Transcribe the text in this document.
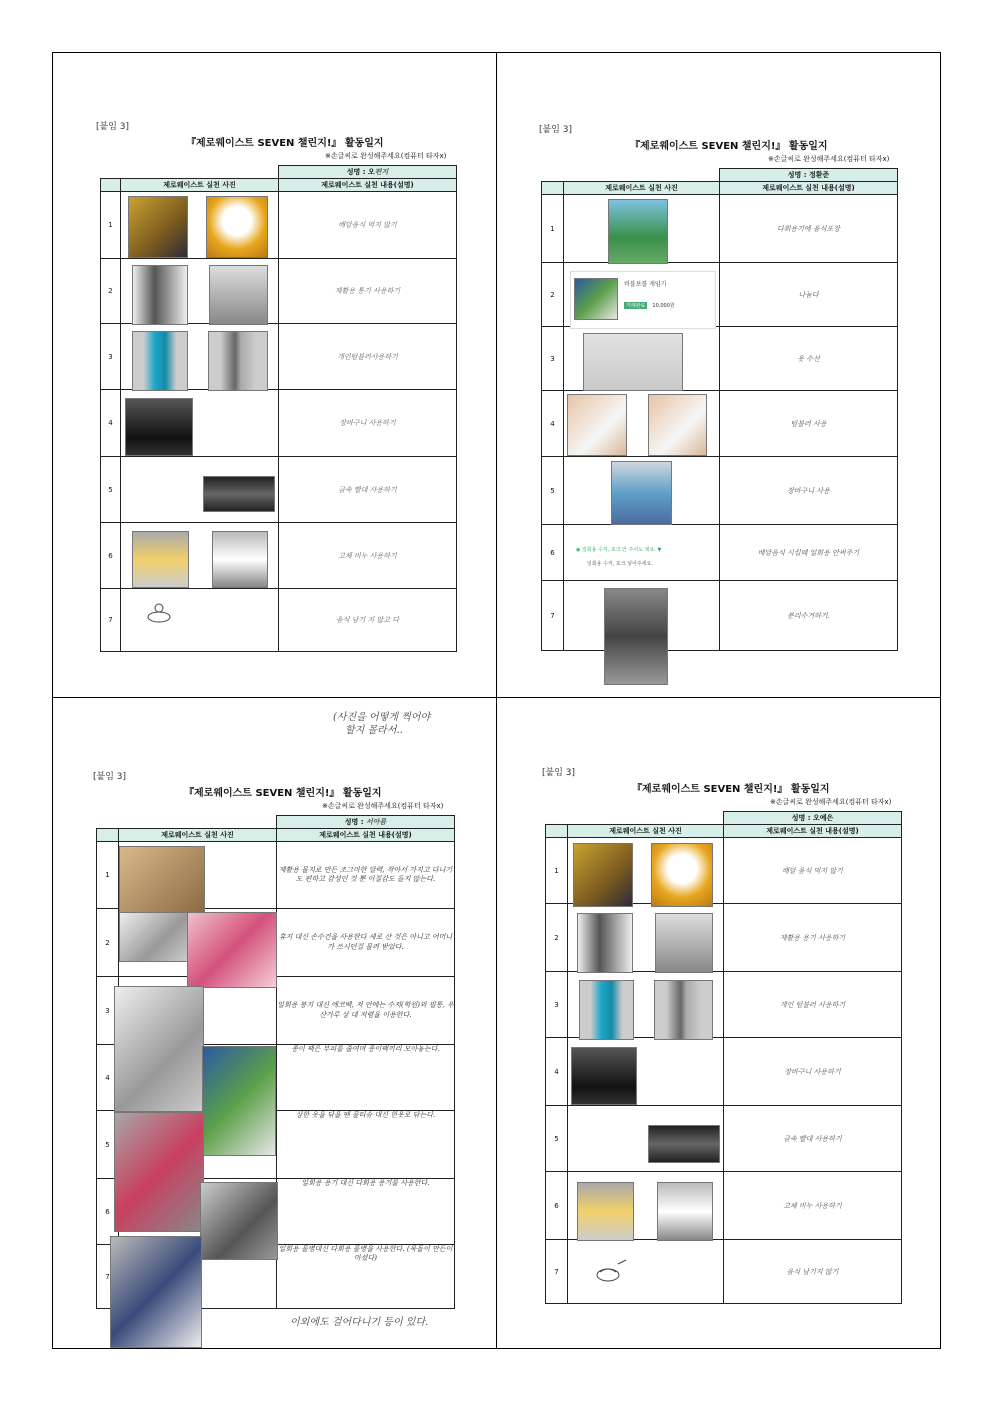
[붙임 3]
『제로웨이스트 SEVEN 챌린지!』 활동일지
※손글씨로 완성해주세요(컴퓨터 타자x)
		성명 : 오편지
	제로웨이스트 실천 사진	제로웨이스트 실천 내용(설명)
1		배달음식 먹지 않기
2		재활용 통기 사용하기
3		개인텀블러사용하기
4		장바구니 사용하기
5		금속 빨대 사용하기
6		고체 비누 사용하기
7		음식 남기 지 않고 다
[붙임 3]
『제로웨이스트 SEVEN 챌린지!』 활동일지
※손글씨로 완성해주세요(컴퓨터 타자x)
		성명 : 정환준
	제로웨이스트 실천 사진	제로웨이스트 실천 내용(설명)
1		다회용기에 음식포장
2		나눔다
3		옷 수선
4		텀블러 사용
5		장바구니 사용
6		배달음식 시킬때 일회용 안써주기
7		분리수거하기.
비블보블 게임기
거래완료 10,000원
◉ 일회용 수저, 포크 안 주셔도 돼요. ▼
일회용 수저, 포크 넣어주세요.
(사진을 어떻게 찍어야
할지 몰라서..
[붙임 3]
『제로웨이스트 SEVEN 챌린지!』 활동일지
※손글씨로 완성해주세요(컴퓨터 타자x)
		성명 : 서아름
	제로웨이스트 실천 사진	제로웨이스트 실천 내용(설명)
1		재활용 물지로 만든 조그마한 달력, 작아서 가지고 다니기도 편하고 감성인 것 뿐 이질감도 들지 않는다.
2		휴지 대신 손수건을 사용한다 새로 산 것은 아니고 어머니가 쓰시던걸 물려 받았다.
3		일회용 봉지 대신 에코백, 저 안에는 수저(학원)와 필통, 우산가루 상 대 저렴을 이용한다.
4		종이 팩은 부피를 줄여며 종이팩끼리 모아놓는다.
5		상한 옷을 닦을 땐 물티슈 대신 헌옷로 닦는다.
6		일회용 용기 대신 다회용 용기를 사용한다.
7		일회용 물병대신 다회용 물병을 사용한다. (목돌이 만든이 마셨다)
이외에도 걸어다니기 등이 있다.
[붙임 3]
『제로웨이스트 SEVEN 챌린지!』 활동일지
※손글씨로 완성해주세요(컴퓨터 타자x)
		성명 : 오예은
	제로웨이스트 실천 사진	제로웨이스트 실천 내용(설명)
1		배달 음식 먹지 않기
2		재활용 용기 사용하기
3		개인 텀블러 사용하기
4		장바구니 사용하기
5		금속 빨대 사용하기
6		고체 비누 사용하기
7		음식 남기지 않기
